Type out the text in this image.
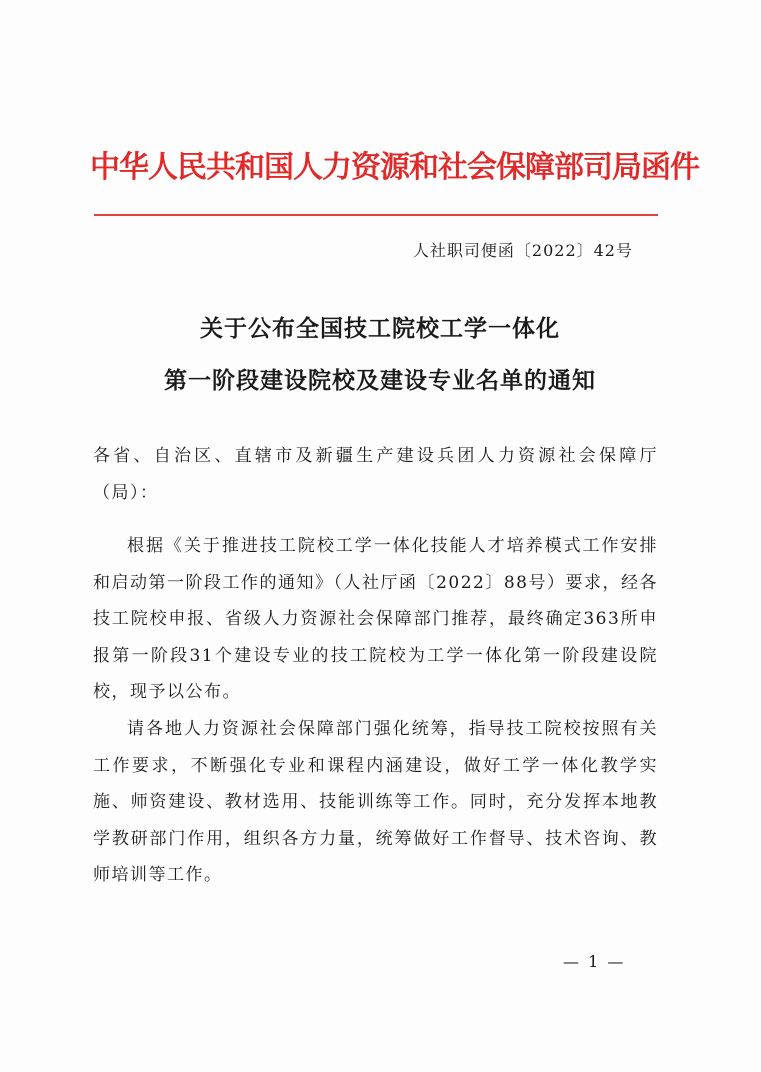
中华人民共和国人力资源和社会保障部司局函件
人社职司便函〔2022〕42号
关于公布全国技工院校工学一体化
第一阶段建设院校及建设专业名单的通知
各省、自治区、直辖市及新疆生产建设兵团人力资源社会保障厅（局）：
根据《关于推进技工院校工学一体化技能人才培养模式工作安排和启动第一阶段工作的通知》（人社厅函〔2022〕88号）要求，经各技工院校申报、省级人力资源社会保障部门推荐，最终确定363所申报第一阶段31个建设专业的技工院校为工学一体化第一阶段建设院校，现予以公布。
请各地人力资源社会保障部门强化统筹，指导技工院校按照有关工作要求，不断强化专业和课程内涵建设，做好工学一体化教学实施、师资建设、教材选用、技能训练等工作。同时，充分发挥本地教学教研部门作用，组织各方力量，统筹做好工作督导、技术咨询、教师培训等工作。
— 1 —
